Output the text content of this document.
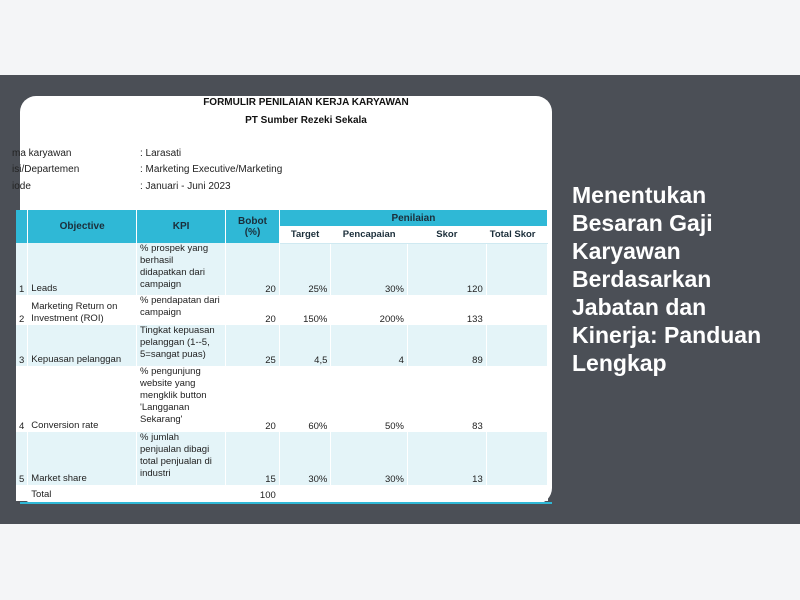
FORMULIR PENILAIAN KERJA KARYAWAN
PT Sumber Rezeki Sekala
ma karyawan	: Larasati
isi/Departemen	: Marketing Executive/Marketing
iode	: Januari - Juni 2023
	Objective	KPI	Bobot (%)	Penilaian			
				Target	Pencapaian	Skor	Total Skor
1	Leads	% prospek yang berhasil didapatkan dari campaign	20	25%	30%	120	
2	Marketing Return on Investment (ROI)	% pendapatan dari campaign	20	150%	200%	133	
3	Kepuasan pelanggan	Tingkat kepuasan pelanggan (1--5, 5=sangat puas)	25	4,5	4	89	
4	Conversion rate	% pengunjung website yang mengklik button 'Langganan Sekarang'	20	60%	50%	83	
5	Market share	% jumlah penjualan dibagi total penjualan di industri	15	30%	30%	13	
	Total		100				
Menentukan Besaran Gaji Karyawan Berdasarkan Jabatan dan Kinerja: Panduan Lengkap
